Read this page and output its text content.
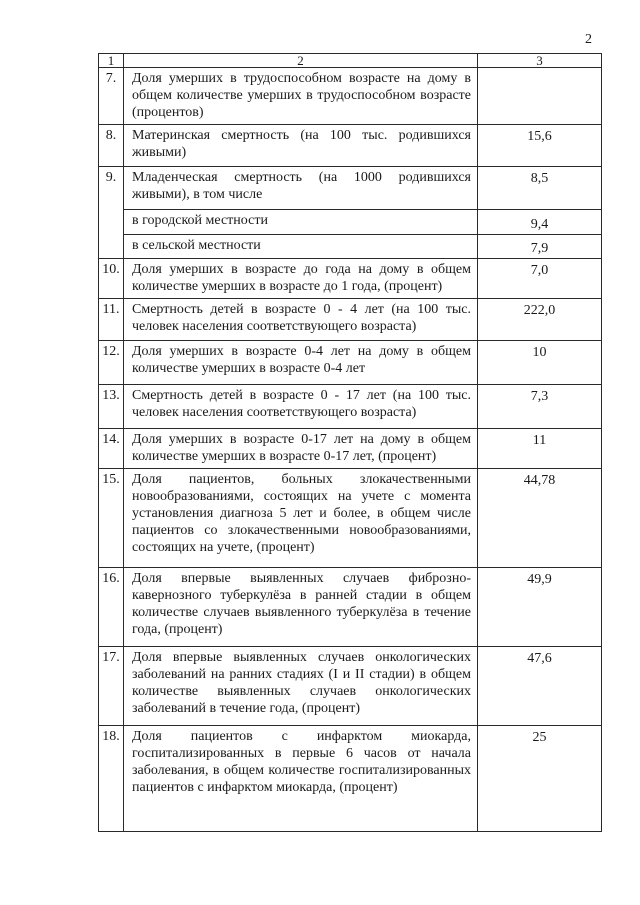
2
1	2	3
7.	Доля умерших в трудоспособном возрасте на дому в общем количестве умерших в трудоспособном возрасте (процентов)	
8.	Материнская смертность (на 100 тыс. родившихся живыми)	15,6
9.	Младенческая смертность (на 1000 родившихся живыми), в том числе	8,5
	в городской местности	9,4
	в сельской местности	7,9
10.	Доля умерших в возрасте до года на дому в общем количестве умерших в возрасте до 1 года, (процент)	7,0
11.	Смертность детей в возрасте 0 - 4 лет (на 100 тыс. человек населения соответствующего возраста)	222,0
12.	Доля умерших в возрасте 0-4 лет на дому в общем количестве умерших в возрасте 0-4 лет	10
13.	Смертность детей в возрасте 0 - 17 лет (на 100 тыс. человек населения соответствующего возраста)	7,3
14.	Доля умерших в возрасте 0-17 лет на дому в общем количестве умерших в возрасте 0-17 лет, (процент)	11
15.	Доля пациентов, больных злокачественными новообразованиями, состоящих на учете с момента установления диагноза 5 лет и более, в общем числе пациентов со злокачественными новообразованиями, состоящих на учете, (процент)	44,78
16.	Доля впервые выявленных случаев фиброзно-кавернозного туберкулёза в ранней стадии в общем количестве случаев выявленного туберкулёза в течение года, (процент)	49,9
17.	Доля впервые выявленных случаев онкологических заболеваний на ранних стадиях (I и II стадии) в общем количестве выявленных случаев онкологических заболеваний в течение года, (процент)	47,6
18.	Доля пациентов с инфарктом миокарда, госпитализированных в первые 6 часов от начала заболевания, в общем количестве госпитализированных пациентов с инфарктом миокарда, (процент)	25
